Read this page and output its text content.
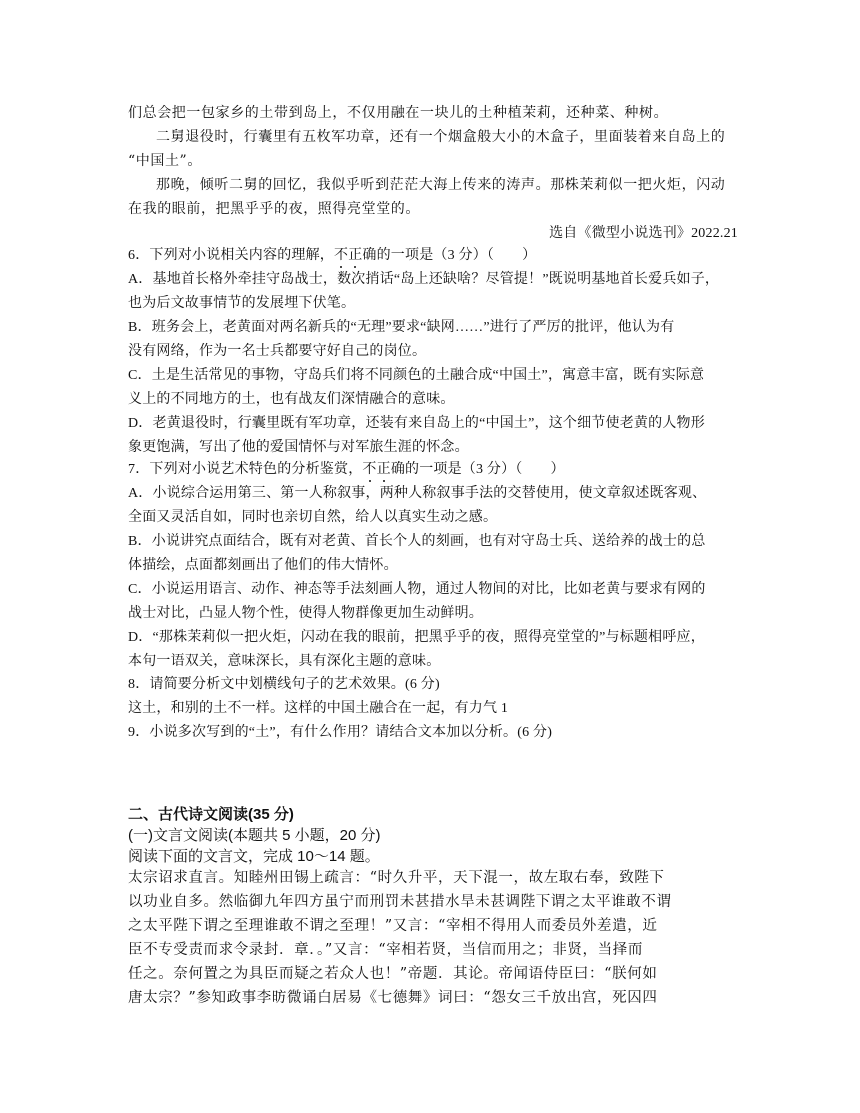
们总会把一包家乡的土带到岛上，不仅用融在一块儿的土种植茉莉，还种菜、种树。
二舅退役时，行囊里有五枚军功章，还有一个烟盒般大小的木盒子，里面装着来自岛上的
“中国土”。
那晚，倾听二舅的回忆，我似乎听到茫茫大海上传来的涛声。那株茉莉似一把火炬，闪动
在我的眼前，把黑乎乎的夜，照得亮堂堂的。
选自《微型小说选刊》2022.21
6．下列对小说相关内容的理解，不正确的一项是（3 分）（ ）
A．基地首长格外牵挂守岛战士，数次捎话“岛上还缺啥？尽管提！”既说明基地首长爱兵如子，
也为后文故事情节的发展埋下伏笔。
B．班务会上，老黄面对两名新兵的“无理”要求“缺网……”进行了严厉的批评，他认为有
没有网络，作为一名士兵都要守好自己的岗位。
C．土是生活常见的事物，守岛兵们将不同颜色的土融合成“中国土”，寓意丰富，既有实际意
义上的不同地方的土，也有战友们深情融合的意味。
D．老黄退役时，行囊里既有军功章，还装有来自岛上的“中国土”，这个细节使老黄的人物形
象更饱满，写出了他的爱国情怀与对军旅生涯的怀念。
7．下列对小说艺术特色的分析鉴赏，不正确的一项是（3 分）（ ）
A．小说综合运用第三、第一人称叙事，两种人称叙事手法的交替使用，使文章叙述既客观、
全面又灵活自如，同时也亲切自然，给人以真实生动之感。
B．小说讲究点面结合，既有对老黄、首长个人的刻画，也有对守岛士兵、送给养的战士的总
体描绘，点面都刻画出了他们的伟大情怀。
C．小说运用语言、动作、神态等手法刻画人物，通过人物间的对比，比如老黄与要求有网的
战士对比，凸显人物个性，使得人物群像更加生动鲜明。
D．“那株茉莉似一把火炬，闪动在我的眼前，把黑乎乎的夜，照得亮堂堂的”与标题相呼应，
本句一语双关，意味深长，具有深化主题的意味。
8．请简要分析文中划横线句子的艺术效果。(6 分)
这土，和别的土不一样。这样的中国土融合在一起，有力气 1
9．小说多次写到的“土”，有什么作用？请结合文本加以分析。(6 分)
二、古代诗文阅读(35 分)
(一)文言文阅读(本题共 5 小题，20 分)
阅读下面的文言文，完成 10～14 题。
太宗诏求直言。知睦州田锡上疏言：“时久升平，天下混一，故左取右奉，致陛下
以功业自多。然临御九年四方虽宁而刑罚未甚措水旱未甚调陛下谓之太平谁敢不谓
之太平陛下谓之至理谁敢不谓之至理！”又言：“宰相不得用人而委员外差遣，近
臣不专受责而求令录封．章．。”又言：“宰相若贤，当信而用之；非贤，当择而
任之。奈何置之为具臣而疑之若众人也！”帝题．其论。帝闻语侍臣曰：“朕何如
唐太宗？”参知政事李昉微诵白居易《七德舞》词曰：“怨女三千放出宫，死囚四
